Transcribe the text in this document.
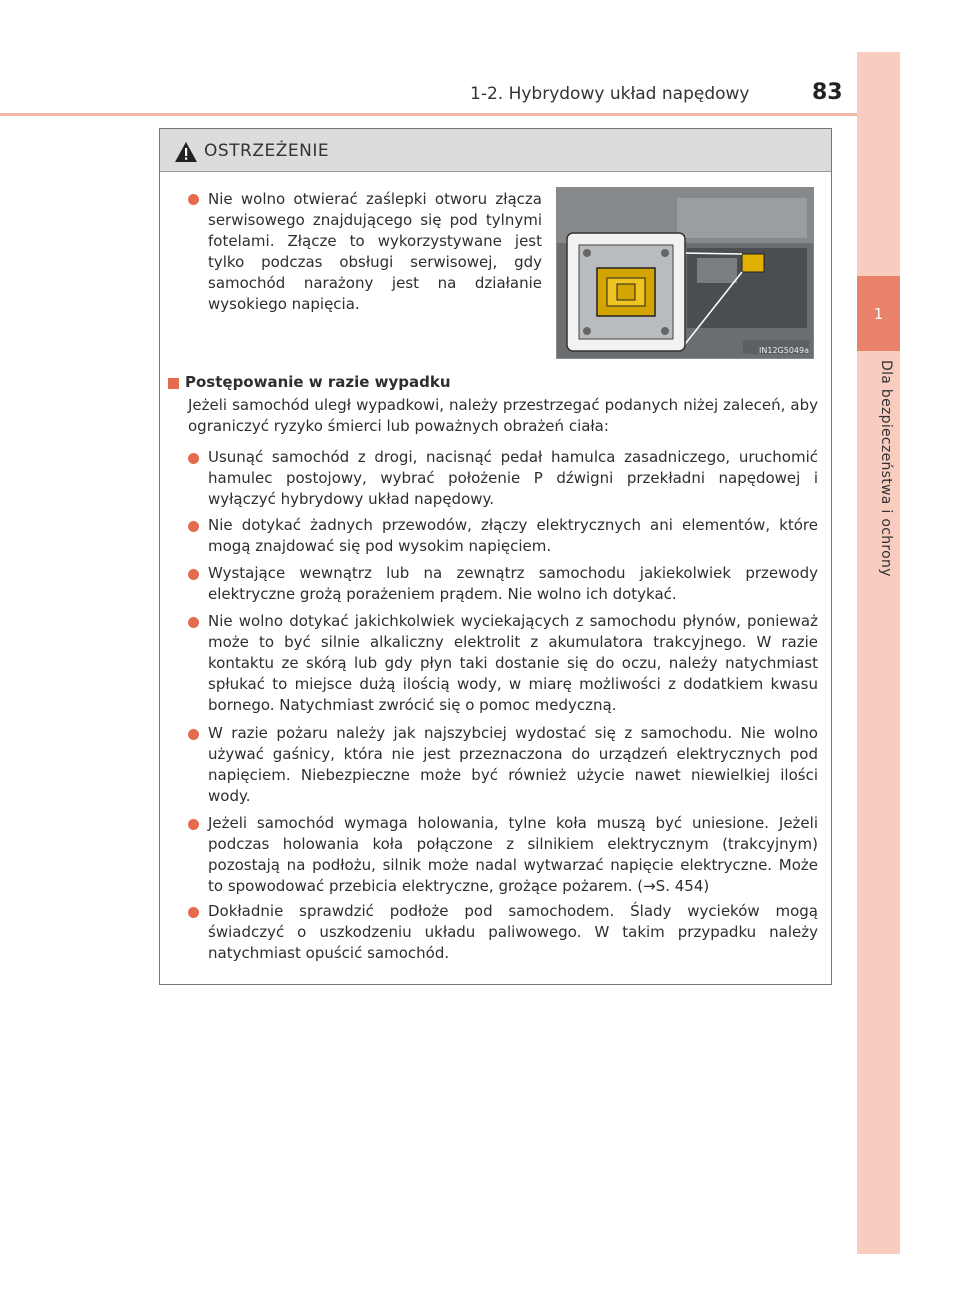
1-2. Hybrydowy układ napędowy	83
1
Dla bezpieczeństwa i ochrony
OSTRZEŻENIE
Nie wolno otwierać zaślepki otworu złącza serwisowego znajdującego się pod tylnymi fotelami. Złącze to wykorzystywane jest tylko podczas obsługi serwisowej, gdy samochód narażony jest na działanie wysokiego napięcia.
IN12G5049a
Postępowanie w razie wypadku
Jeżeli samochód uległ wypadkowi, należy przestrzegać podanych niżej zaleceń, aby ograniczyć ryzyko śmierci lub poważnych obrażeń ciała:
Usunąć samochód z drogi, nacisnąć pedał hamulca zasadniczego, uruchomić hamulec postojowy, wybrać położenie P dźwigni przekładni napędowej i wyłączyć hybrydowy układ napędowy.
Nie dotykać żadnych przewodów, złączy elektrycznych ani elementów, które mogą znajdować się pod wysokim napięciem.
Wystające wewnątrz lub na zewnątrz samochodu jakiekolwiek przewody elektryczne grożą porażeniem prądem. Nie wolno ich dotykać.
Nie wolno dotykać jakichkolwiek wyciekających z samochodu płynów, ponieważ może to być silnie alkaliczny elektrolit z akumulatora trakcyjnego. W razie kontaktu ze skórą lub gdy płyn taki dostanie się do oczu, należy natychmiast spłukać to miejsce dużą ilością wody, w miarę możliwości z dodatkiem kwasu bornego. Natychmiast zwrócić się o pomoc medyczną.
W razie pożaru należy jak najszybciej wydostać się z samochodu. Nie wolno używać gaśnicy, która nie jest przeznaczona do urządzeń elektrycznych pod napięciem. Niebezpieczne może być również użycie nawet niewielkiej ilości wody.
Jeżeli samochód wymaga holowania, tylne koła muszą być uniesione. Jeżeli podczas holowania koła połączone z silnikiem elektrycznym (trakcyjnym) pozostają na podłożu, silnik może nadal wytwarzać napięcie elektryczne. Może to spowodować przebicia elektryczne, grożące pożarem. (→S. 454)
Dokładnie sprawdzić podłoże pod samochodem. Ślady wycieków mogą świadczyć o uszkodzeniu układu paliwowego. W takim przypadku należy natychmiast opuścić samochód.
